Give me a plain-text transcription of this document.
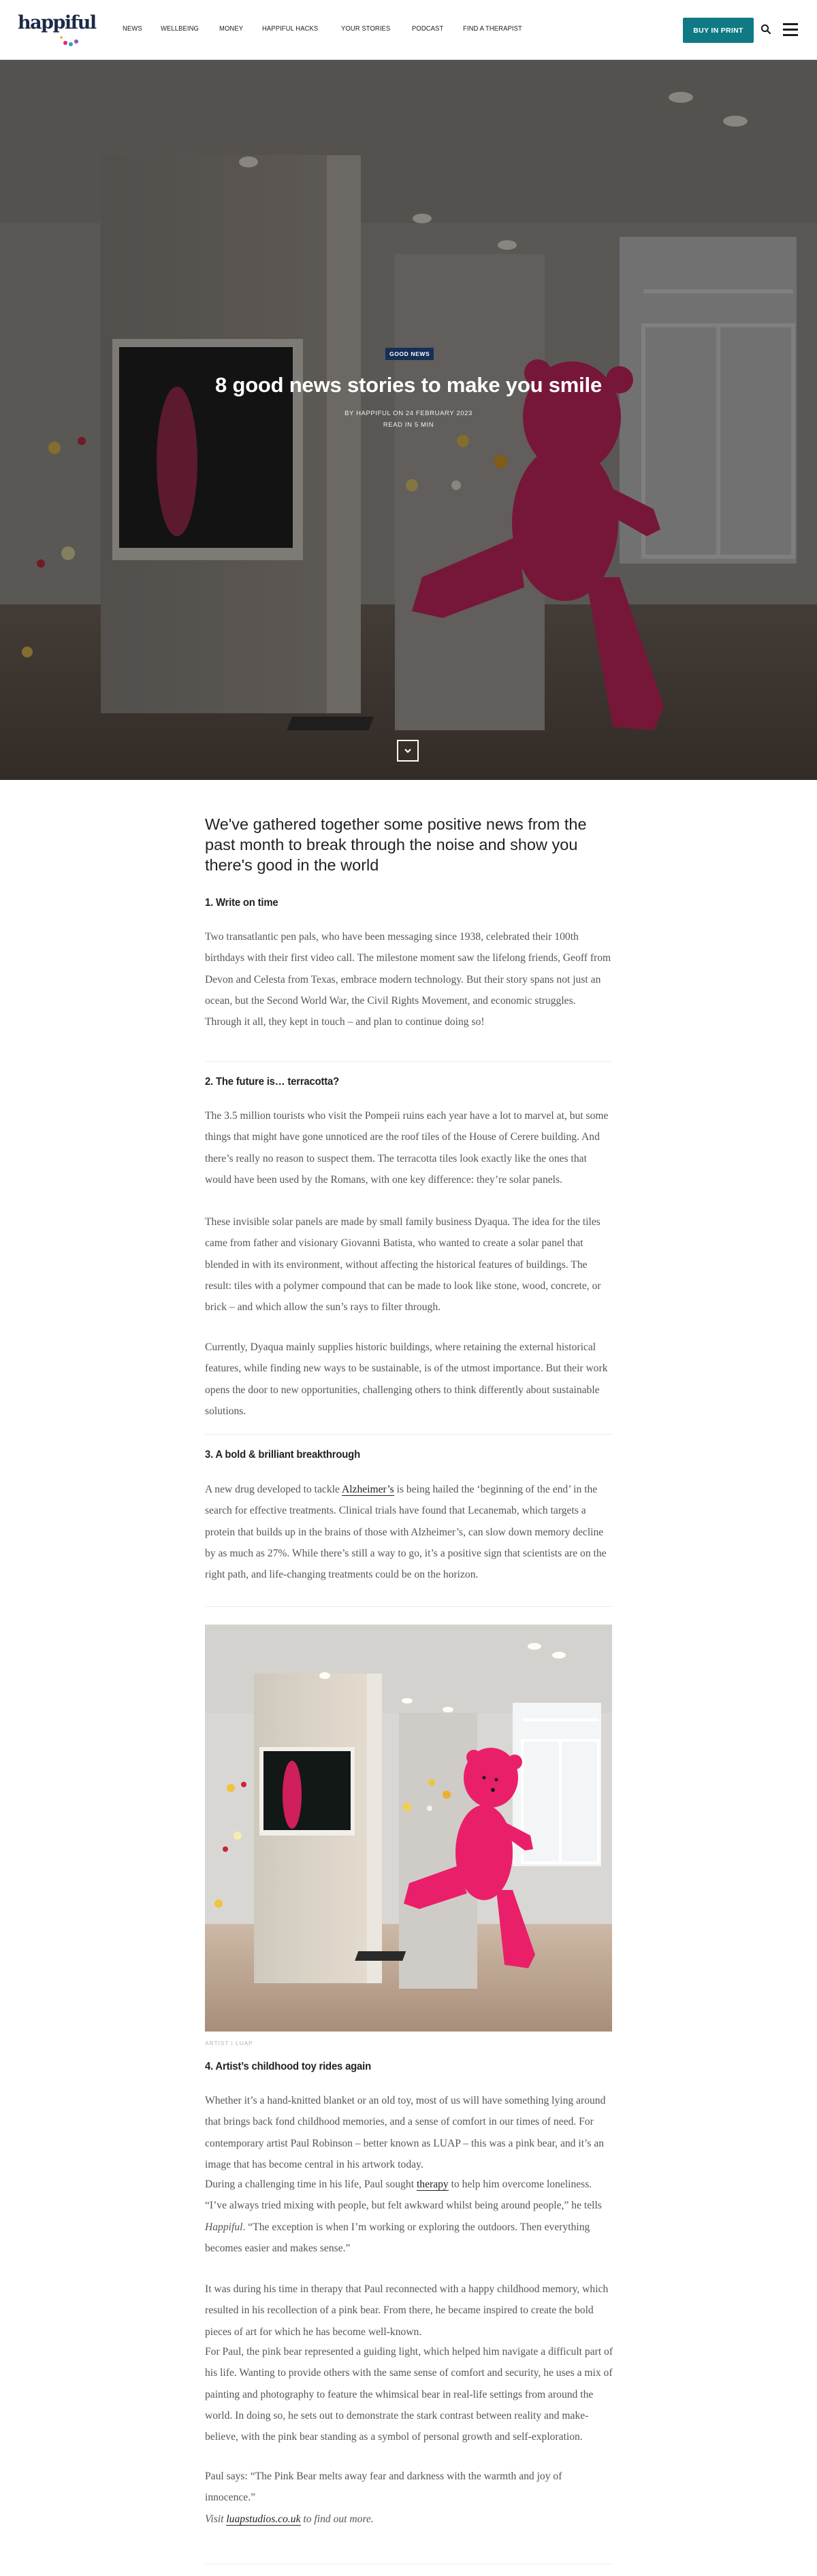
happiful	NEWS	WELLBEING	MONEY	HAPPIFUL HACKS	YOUR STORIES	PODCAST	FIND A THERAPIST	BUY IN PRINT
GOOD NEWS
8 good news stories to make you smile
BY HAPPIFUL ON 24 FEBRUARY 2023
READ IN 5 MIN

We've gathered together some positive news from the past month to break through the noise and show you there's good in the world

1. Write on time

Two transatlantic pen pals, who have been messaging since 1938, celebrated their 100th birthdays with their first video call. The milestone moment saw the lifelong friends, Geoff from Devon and Celesta from Texas, embrace modern technology. But their story spans not just an ocean, but the Second World War, the Civil Rights Movement, and economic struggles. Through it all, they kept in touch – and plan to continue doing so!

2. The future is… terracotta?

The 3.5 million tourists who visit the Pompeii ruins each year have a lot to marvel at, but some things that might have gone unnoticed are the roof tiles of the House of Cerere building. And there’s really no reason to suspect them. The terracotta tiles look exactly like the ones that would have been used by the Romans, with one key difference: they’re solar panels.

These invisible solar panels are made by small family business Dyaqua. The idea for the tiles came from father and visionary Giovanni Batista, who wanted to create a solar panel that blended in with its environment, without affecting the historical features of buildings. The result: tiles with a polymer compound that can be made to look like stone, wood, concrete, or brick – and which allow the sun’s rays to filter through.

Currently, Dyaqua mainly supplies historic buildings, where retaining the external historical features, while finding new ways to be sustainable, is of the utmost importance. But their work opens the door to new opportunities, challenging others to think differently about sustainable solutions.

3. A bold & brilliant breakthrough

A new drug developed to tackle Alzheimer’s is being hailed the ‘beginning of the end’ in the search for effective treatments. Clinical trials have found that Lecanemab, which targets a protein that builds up in the brains of those with Alzheimer’s, can slow down memory decline by as much as 27%. While there’s still a way to go, it’s a positive sign that scientists are on the right path, and life-changing treatments could be on the horizon.

ARTIST | LUAP
4. Artist’s childhood toy rides again

Whether it’s a hand-knitted blanket or an old toy, most of us will have something lying around that brings back fond childhood memories, and a sense of comfort in our times of need. For contemporary artist Paul Robinson – better known as LUAP – this was a pink bear, and it’s an image that has become central in his artwork today.

During a challenging time in his life, Paul sought therapy to help him overcome loneliness. “I’ve always tried mixing with people, but felt awkward whilst being around people,” he tells Happiful. “The exception is when I’m working or exploring the outdoors. Then everything becomes easier and makes sense.”

It was during his time in therapy that Paul reconnected with a happy childhood memory, which resulted in his recollection of a pink bear. From there, he became inspired to create the bold pieces of art for which he has become well-known.

For Paul, the pink bear represented a guiding light, which helped him navigate a difficult part of his life. Wanting to provide others with the same sense of comfort and security, he uses a mix of painting and photography to feature the whimsical bear in real-life settings from around the world. In doing so, he sets out to demonstrate the stark contrast between reality and make-believe, with the pink bear standing as a symbol of personal growth and self-exploration.

Paul says: “The Pink Bear melts away fear and darkness with the warmth and joy of innocence.”

Visit luapstudios.co.uk to find out more.
